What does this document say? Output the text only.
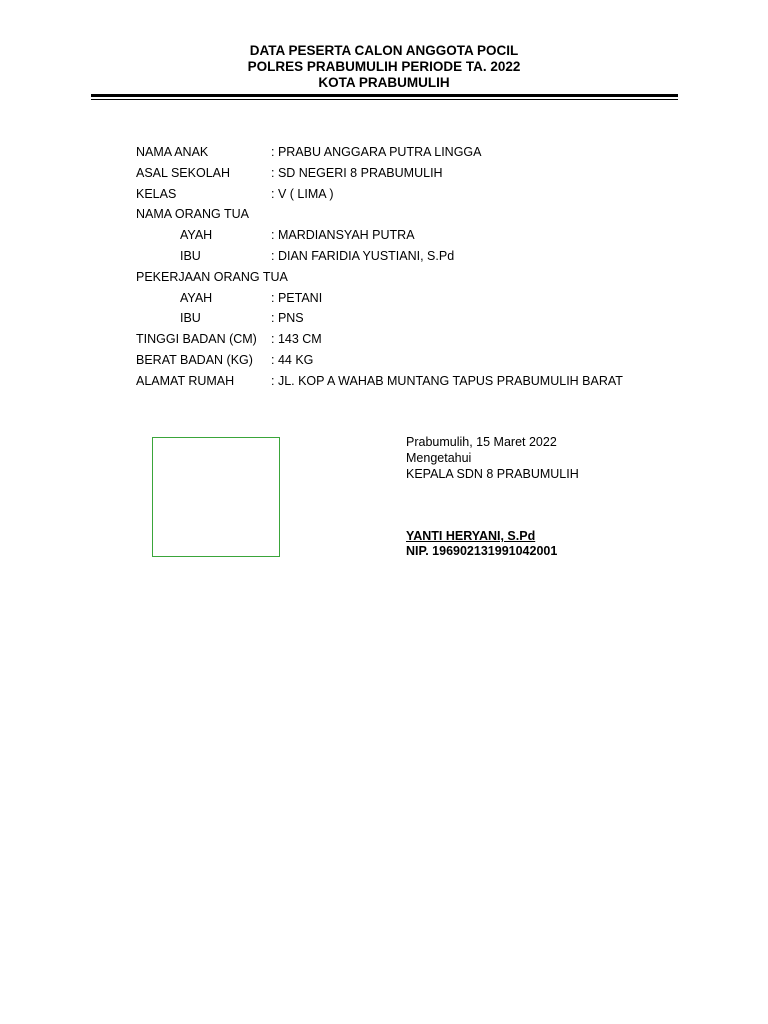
DATA PESERTA CALON ANGGOTA POCIL
POLRES PRABUMULIH PERIODE TA. 2022
KOTA PRABUMULIH
NAMA ANAK	: PRABU ANGGARA PUTRA LINGGA
ASAL SEKOLAH	: SD NEGERI 8 PRABUMULIH
KELAS	: V ( LIMA )
NAMA ORANG TUA
AYAH	: MARDIANSYAH PUTRA
IBU	: DIAN FARIDIA YUSTIANI, S.Pd
PEKERJAAN ORANG TUA
AYAH	: PETANI
IBU	: PNS
TINGGI BADAN (CM) : 143 CM
BERAT BADAN (KG) : 44 KG
ALAMAT RUMAH	: JL. KOP A WAHAB MUNTANG TAPUS PRABUMULIH BARAT
Prabumulih, 15 Maret 2022
Mengetahui
KEPALA SDN 8 PRABUMULIH
YANTI HERYANI, S.Pd
NIP. 196902131991042001
